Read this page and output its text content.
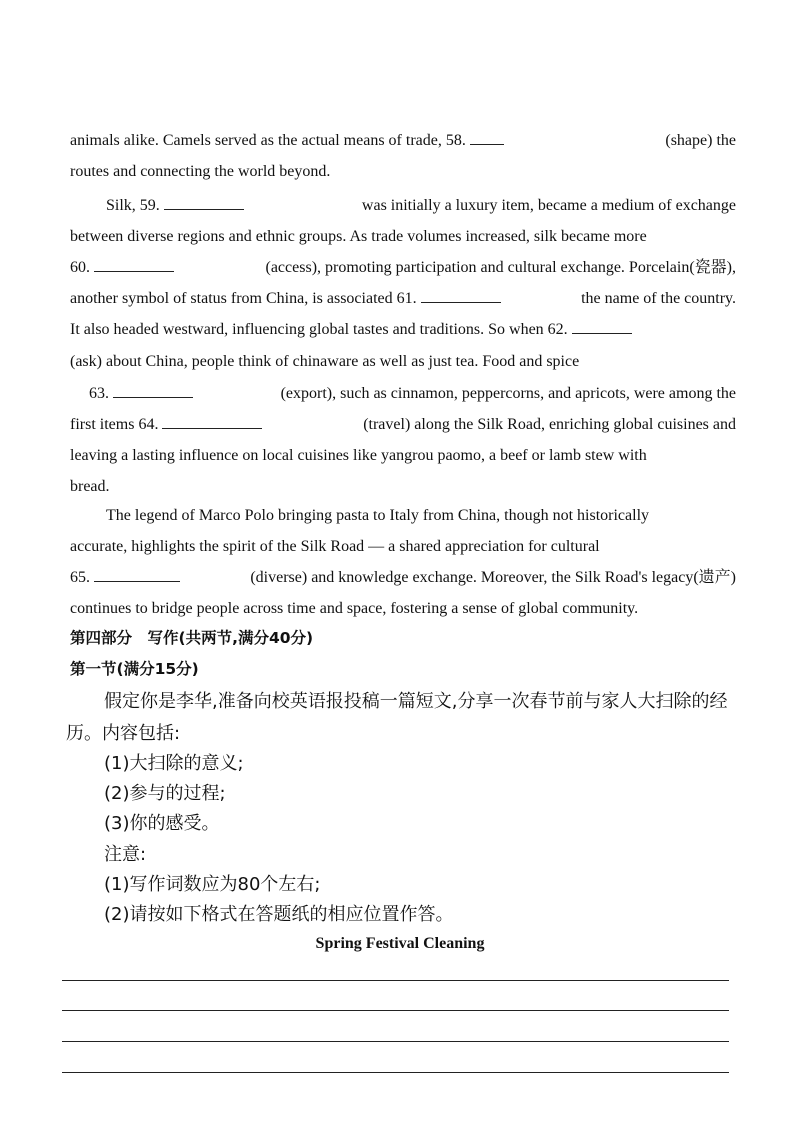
animals alike. Camels served as the actual means of trade, 58.	(shape) the
routes and connecting the world beyond.
Silk, 59.	was initially a luxury item, became a medium of exchange
between diverse regions and ethnic groups. As trade volumes increased, silk became more
60.	(access), promoting participation and cultural exchange. Porcelain(瓷器),
another symbol of status from China, is associated 61.	the name of the country.
It also headed westward, influencing global tastes and traditions. So when 62.
(ask) about China, people think of chinaware as well as just tea. Food and spice
63.	(export), such as cinnamon, peppercorns, and apricots, were among the
first items 64.	(travel) along the Silk Road, enriching global cuisines and
leaving a lasting influence on local cuisines like yangrou paomo, a beef or lamb stew with
bread.
The legend of Marco Polo bringing pasta to Italy from China, though not historically
accurate, highlights the spirit of the Silk Road — a shared appreciation for cultural
65.	(diverse) and knowledge exchange. Moreover, the Silk Road's legacy(遗产)
continues to bridge people across time and space, fostering a sense of global community.
第四部分　写作(共两节,满分40分)
第一节(满分15分)
假定你是李华,准备向校英语报投稿一篇短文,分享一次春节前与家人大扫除的经
历。内容包括:
(1)大扫除的意义;
(2)参与的过程;
(3)你的感受。
注意:
(1)写作词数应为80个左右;
(2)请按如下格式在答题纸的相应位置作答。
Spring Festival Cleaning
